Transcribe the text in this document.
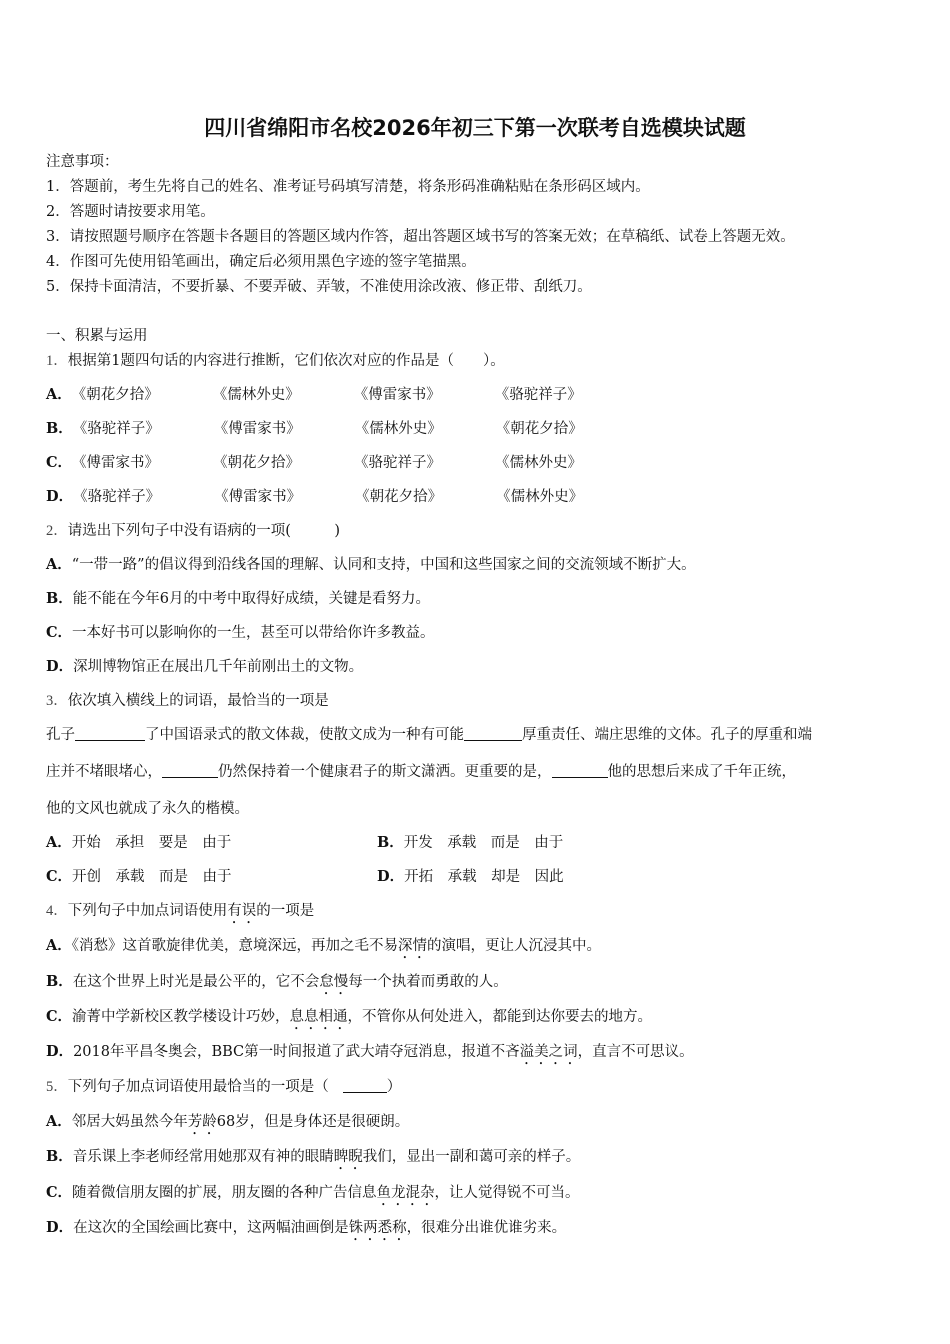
四川省绵阳市名校2026年初三下第一次联考自选模块试题
注意事项：
1．答题前，考生先将自己的姓名、准考证号码填写清楚，将条形码准确粘贴在条形码区域内。
2．答题时请按要求用笔。
3．请按照题号顺序在答题卡各题目的答题区域内作答，超出答题区域书写的答案无效；在草稿纸、试卷上答题无效。
4．作图可先使用铅笔画出，确定后必须用黑色字迹的签字笔描黑。
5．保持卡面清洁，不要折暴、不要弄破、弄皱，不准使用涂改液、修正带、刮纸刀。
一、积累与运用
1．根据第1题四句话的内容进行推断，它们依次对应的作品是（　　）。
A．《朝花夕拾》	《儒林外史》	《傅雷家书》	《骆驼祥子》
B．《骆驼祥子》	《傅雷家书》	《儒林外史》	《朝花夕拾》
C．《傅雷家书》	《朝花夕拾》	《骆驼祥子》	《儒林外史》
D．《骆驼祥子》	《傅雷家书》	《朝花夕拾》	《儒林外史》
2．请选出下列句子中没有语病的一项(　　　)
A．“一带一路”的倡议得到沿线各国的理解、认同和支持，中国和这些国家之间的交流领域不断扩大。
B．能不能在今年6月的中考中取得好成绩，关键是看努力。
C．一本好书可以影响你的一生，甚至可以带给你许多教益。
D．深圳博物馆正在展出几千年前刚出土的文物。
3．依次填入横线上的词语，最恰当的一项是
孔子	了中国语录式的散文体裁，使散文成为一种有可能	厚重责任、端庄思维的文体。孔子的厚重和端
庄并不堵眼堵心，	仍然保持着一个健康君子的斯文潇洒。更重要的是，	他的思想后来成了千年正统，
他的文风也就成了永久的楷模。
A．开始　承担　要是　由于	B．开发　承载　而是　由于
C．开创　承载　而是　由于	D．开拓　承载　却是　因此
4．下列句子中加点词语使用有误的一项是
A．《消愁》这首歌旋律优美，意境深远，再加之毛不易深情的演唱，更让人沉浸其中。
B．在这个世界上时光是最公平的，它不会怠慢每一个执着而勇敢的人。
C．渝菁中学新校区教学楼设计巧妙，息息相通，不管你从何处进入，都能到达你要去的地方。
D．2018年平昌冬奥会，BBC第一时间报道了武大靖夺冠消息，报道不吝溢美之词，直言不可思议。
5．下列句子加点词语使用最恰当的一项是（	）
A．邻居大妈虽然今年芳龄68岁，但是身体还是很硬朗。
B．音乐课上李老师经常用她那双有神的眼睛睥睨我们，显出一副和蔼可亲的样子。
C．随着微信朋友圈的扩展，朋友圈的各种广告信息鱼龙混杂，让人觉得锐不可当。
D．在这次的全国绘画比赛中，这两幅油画倒是铢两悉称，很难分出谁优谁劣来。
